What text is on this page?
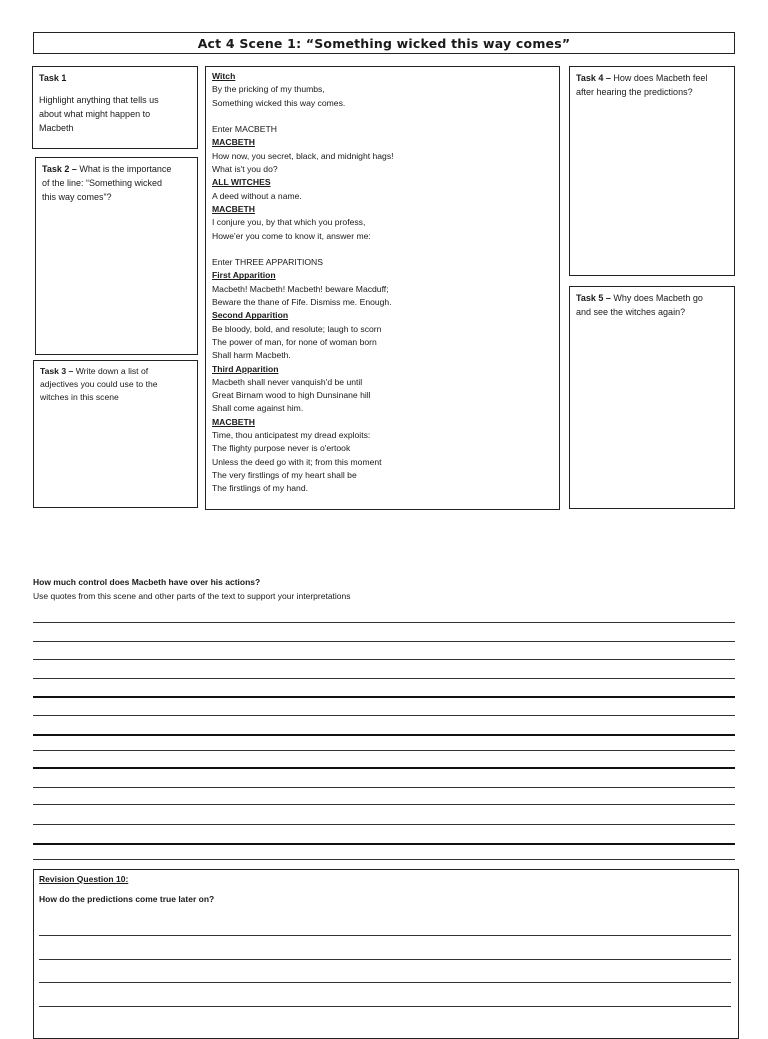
Act 4 Scene 1: “Something wicked this way comes”
Task 1
Highlight anything that tells us
about what might happen to
Macbeth
Task 2 – What is the importance
of the line: “Something wicked
this way comes”?
Task 3 – Write down a list of
adjectives you could use to the
witches in this scene
Witch
By the pricking of my thumbs,
Something wicked this way comes.
Enter MACBETH
MACBETH
How now, you secret, black, and midnight hags!
What is't you do?
ALL WITCHES
A deed without a name.
MACBETH
I conjure you, by that which you profess,
Howe'er you come to know it, answer me:
Enter THREE APPARITIONS
First Apparition
Macbeth! Macbeth! Macbeth! beware Macduff;
Beware the thane of Fife. Dismiss me. Enough.
Second Apparition
Be bloody, bold, and resolute; laugh to scorn
The power of man, for none of woman born
Shall harm Macbeth.
Third Apparition
Macbeth shall never vanquish'd be until
Great Birnam wood to high Dunsinane hill
Shall come against him.
MACBETH
Time, thou anticipatest my dread exploits:
The flighty purpose never is o'ertook
Unless the deed go with it; from this moment
The very firstlings of my heart shall be
The firstlings of my hand.
Task 4 – How does Macbeth feel
after hearing the predictions?
Task 5 – Why does Macbeth go
and see the witches again?
How much control does Macbeth have over his actions?
Use quotes from this scene and other parts of the text to support your interpretations
Revision Question 10:
How do the predictions come true later on?
